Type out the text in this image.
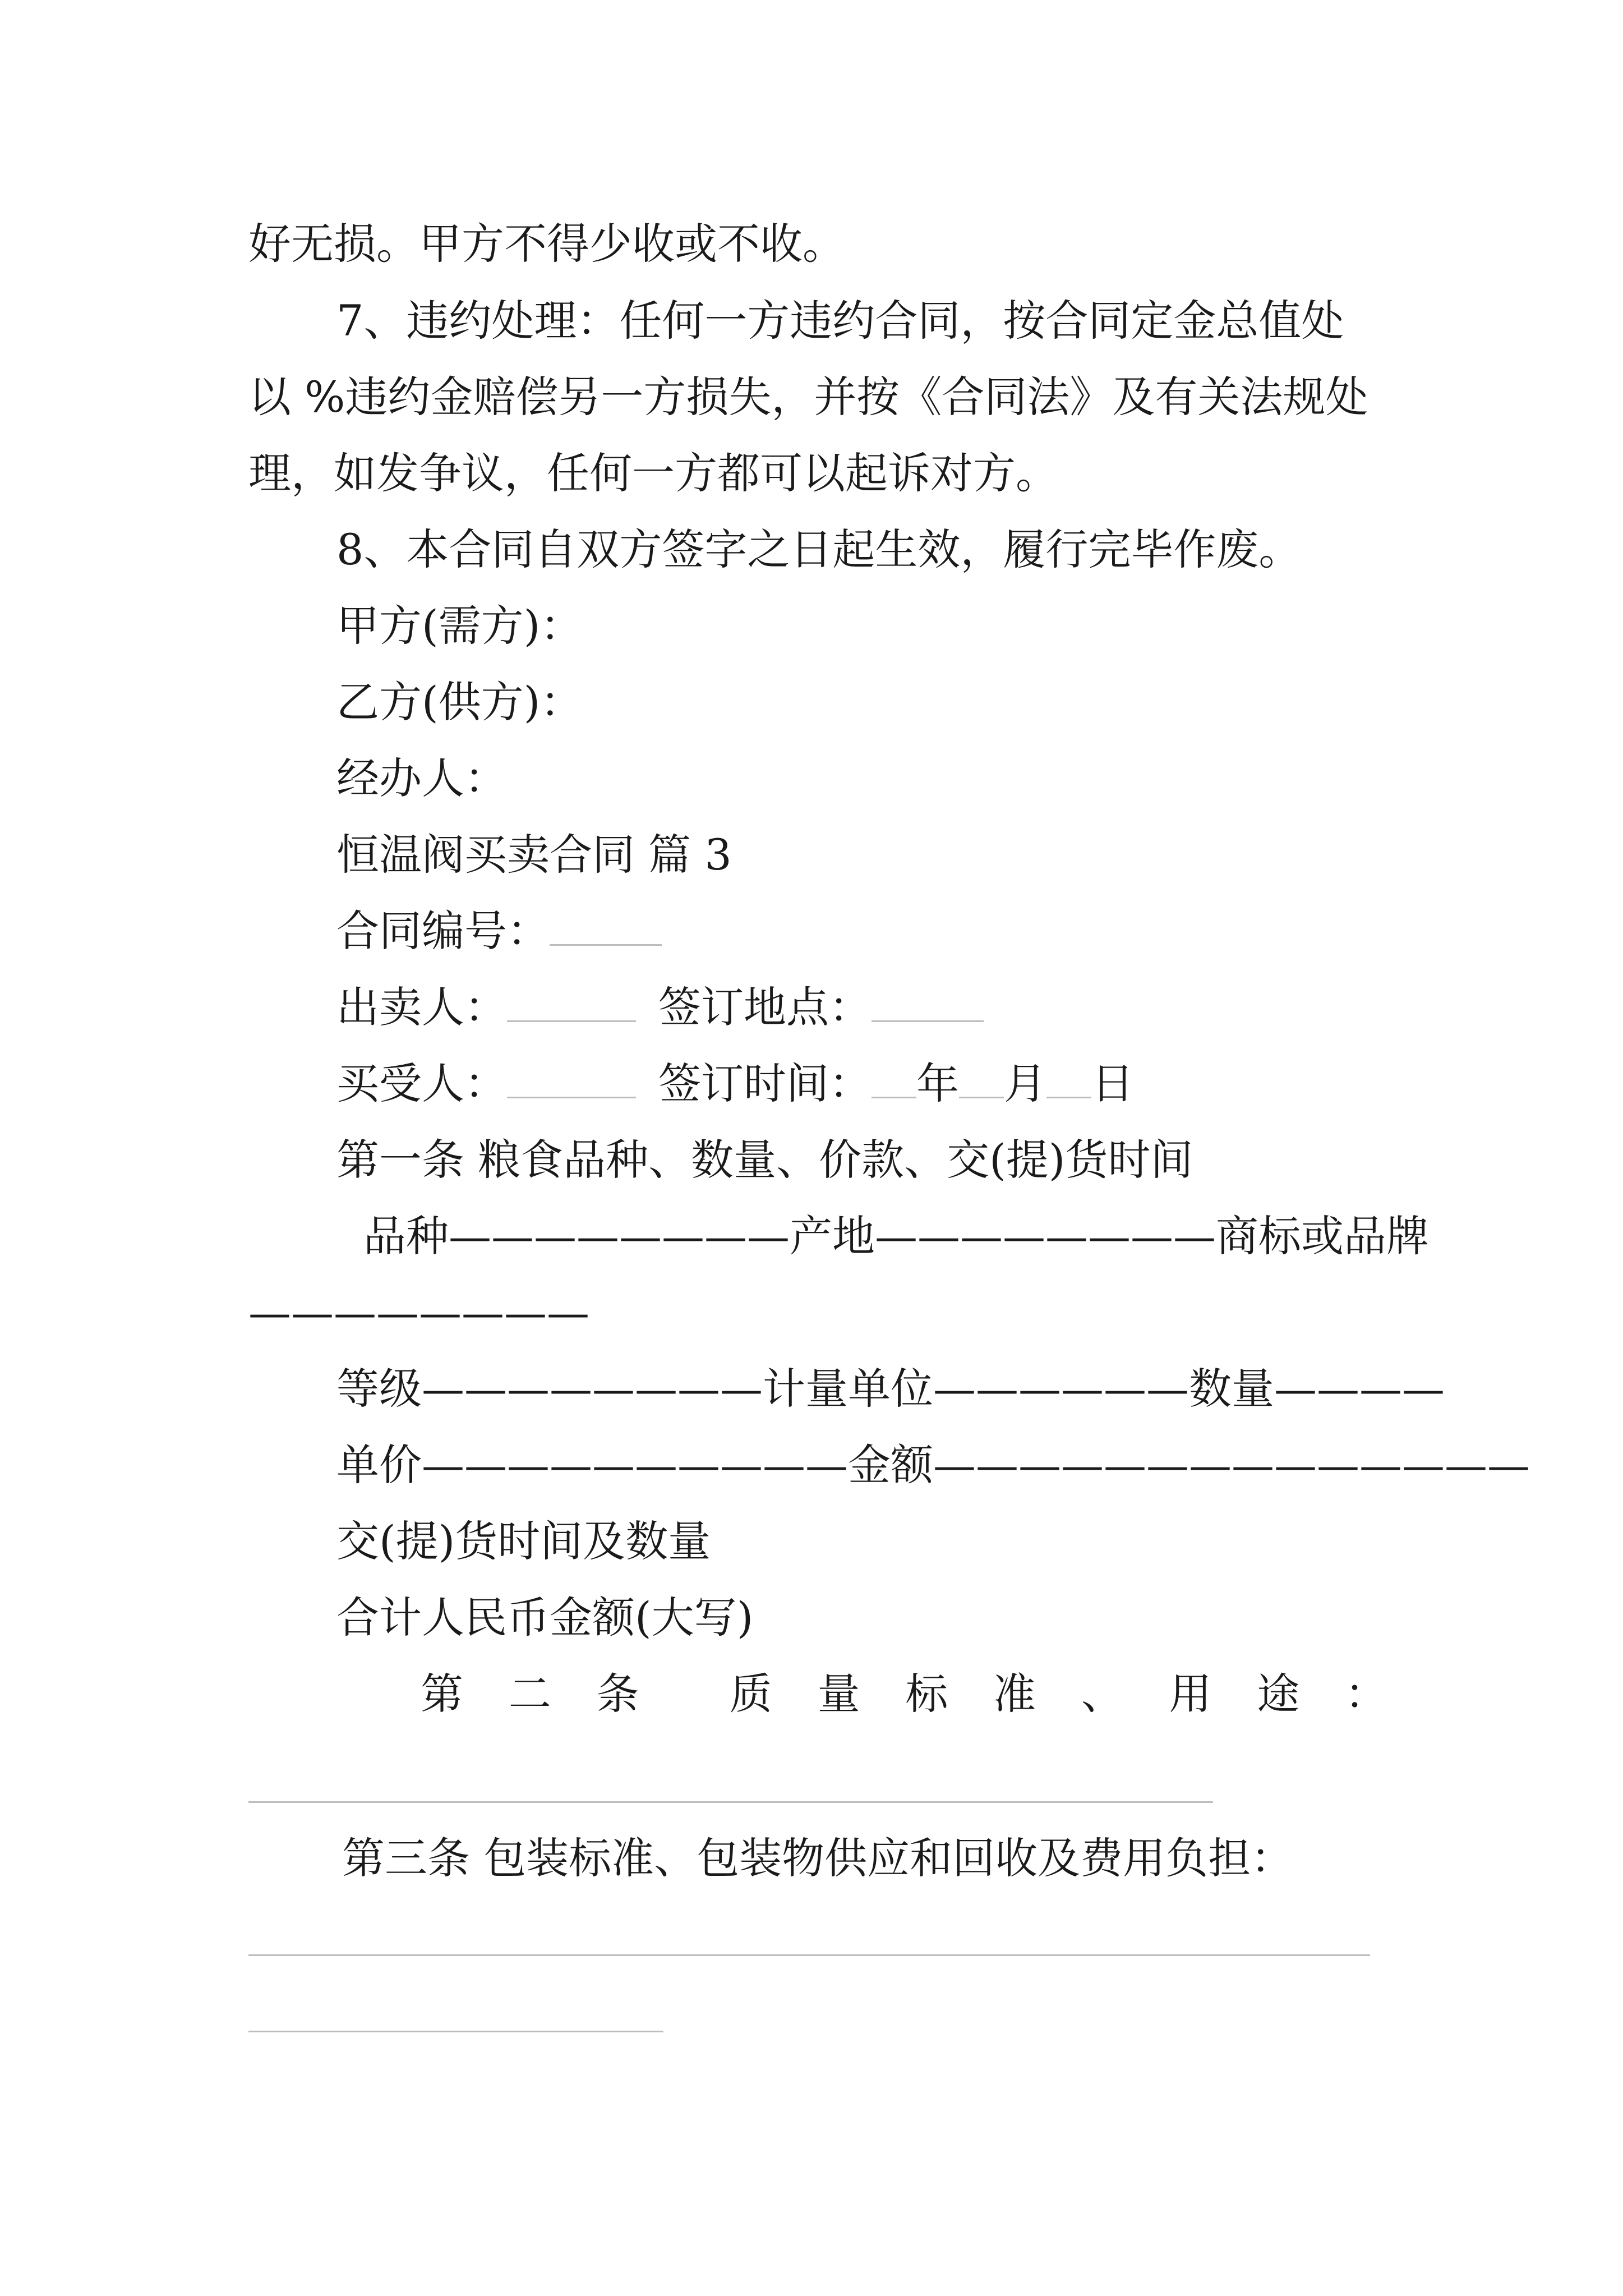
好无损。甲方不得少收或不收。

7、违约处理：任何一方违约合同，按合同定金总值处

以 %违约金赔偿另一方损失，并按《合同法》及有关法规处

理，如发争议，任何一方都可以起诉对方。

8、本合同自双方签字之日起生效，履行完毕作废。

甲方(需方)：

乙方(供方)：

经办人：

恒温阀买卖合同 篇 3

合同编号：

出卖人：	签订地点：

买受人：	签订时间： 年 月 日

第一条 粮食品种、数量、价款、交(提)货时间

品 种 ———————— 产 地 ———————— 商 标 或 品 牌

————————

等级————————计量单位——————数量————

单价——————————金额——————————————

交(提)货时间及数量

合计人民币金额(大写)

第 二 条 质 量 标 准 、 用 途 ：

第三条 包装标准、包装物供应和回收及费用负担：
